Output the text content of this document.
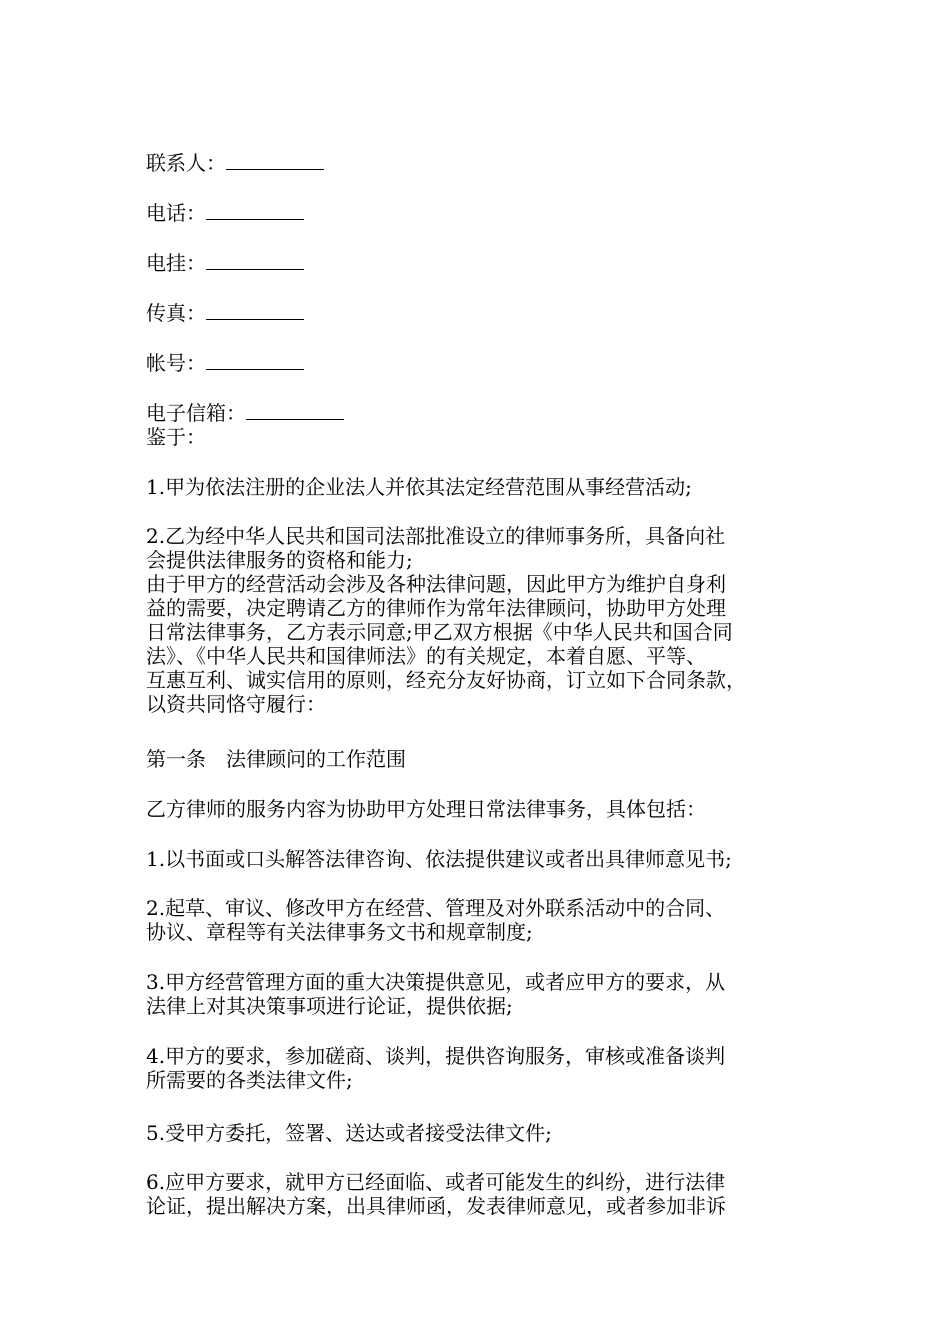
联系人：
电话：
电挂：
传真：
帐号：
电子信箱：
鉴于：
1.甲为依法注册的企业法人并依其法定经营范围从事经营活动;
2.乙为经中华人民共和国司法部批准设立的律师事务所，具备向社
会提供法律服务的资格和能力;
由于甲方的经营活动会涉及各种法律问题，因此甲方为维护自身利
益的需要，决定聘请乙方的律师作为常年法律顾问，协助甲方处理
日常法律事务，乙方表示同意;甲乙双方根据《中华人民共和国合同
法》、《中华人民共和国律师法》的有关规定，本着自愿、平等、
互惠互利、诚实信用的原则，经充分友好协商，订立如下合同条款，
以资共同恪守履行：
第一条　法律顾问的工作范围
乙方律师的服务内容为协助甲方处理日常法律事务，具体包括：
1.以书面或口头解答法律咨询、依法提供建议或者出具律师意见书;
2.起草、审议、修改甲方在经营、管理及对外联系活动中的合同、
协议、章程等有关法律事务文书和规章制度;
3.甲方经营管理方面的重大决策提供意见，或者应甲方的要求，从
法律上对其决策事项进行论证，提供依据;
4.甲方的要求，参加磋商、谈判，提供咨询服务，审核或准备谈判
所需要的各类法律文件;
5.受甲方委托，签署、送达或者接受法律文件;
6.应甲方要求，就甲方已经面临、或者可能发生的纠纷，进行法律
论证，提出解决方案，出具律师函，发表律师意见，或者参加非诉
